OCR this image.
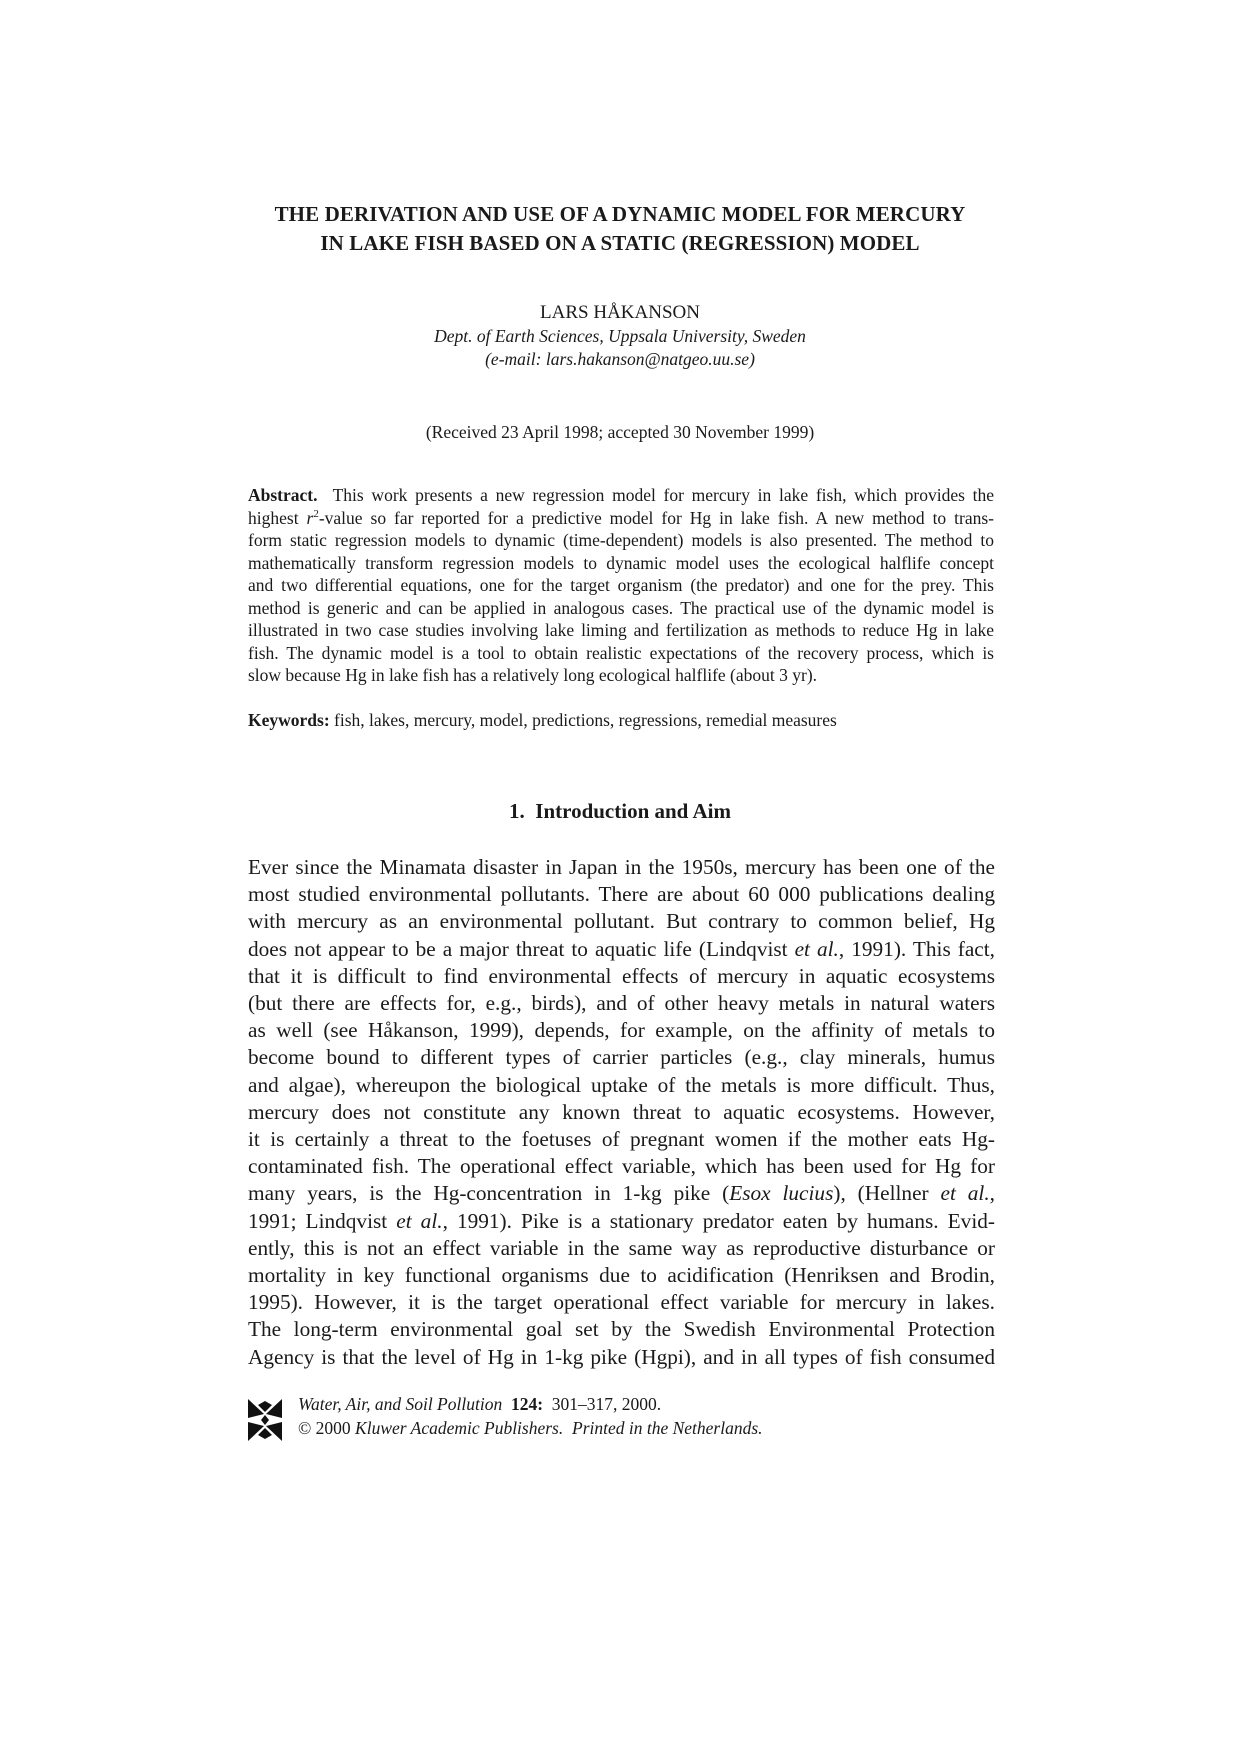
THE DERIVATION AND USE OF A DYNAMIC MODEL FOR MERCURY
IN LAKE FISH BASED ON A STATIC (REGRESSION) MODEL
LARS HÅKANSON
Dept. of Earth Sciences, Uppsala University, Sweden
(e-mail: lars.hakanson@natgeo.uu.se)
(Received 23 April 1998; accepted 30 November 1999)
Abstract. This work presents a new regression model for mercury in lake fish, which provides the
highest $r^2$-value so far reported for a predictive model for Hg in lake fish. A new method to trans-
form static regression models to dynamic (time-dependent) models is also presented. The method to
mathematically transform regression models to dynamic model uses the ecological halflife concept
and two differential equations, one for the target organism (the predator) and one for the prey. This
method is generic and can be applied in analogous cases. The practical use of the dynamic model is
illustrated in two case studies involving lake liming and fertilization as methods to reduce Hg in lake
fish. The dynamic model is a tool to obtain realistic expectations of the recovery process, which is
slow because Hg in lake fish has a relatively long ecological halflife (about 3 yr).
Keywords: fish, lakes, mercury, model, predictions, regressions, remedial measures
1. Introduction and Aim
Ever since the Minamata disaster in Japan in the 1950s, mercury has been one of the
most studied environmental pollutants. There are about 60 000 publications dealing
with mercury as an environmental pollutant. But contrary to common belief, Hg
does not appear to be a major threat to aquatic life (Lindqvist et al., 1991). This fact,
that it is difficult to find environmental effects of mercury in aquatic ecosystems
(but there are effects for, e.g., birds), and of other heavy metals in natural waters
as well (see Håkanson, 1999), depends, for example, on the affinity of metals to
become bound to different types of carrier particles (e.g., clay minerals, humus
and algae), whereupon the biological uptake of the metals is more difficult. Thus,
mercury does not constitute any known threat to aquatic ecosystems. However,
it is certainly a threat to the foetuses of pregnant women if the mother eats Hg-
contaminated fish. The operational effect variable, which has been used for Hg for
many years, is the Hg-concentration in 1-kg pike (Esox lucius), (Hellner et al.,
1991; Lindqvist et al., 1991). Pike is a stationary predator eaten by humans. Evid-
ently, this is not an effect variable in the same way as reproductive disturbance or
mortality in key functional organisms due to acidification (Henriksen and Brodin,
1995). However, it is the target operational effect variable for mercury in lakes.
The long-term environmental goal set by the Swedish Environmental Protection
Agency is that the level of Hg in 1-kg pike (Hgpi), and in all types of fish consumed
Water, Air, and Soil Pollution 124: 301–317, 2000.
© 2000 Kluwer Academic Publishers. Printed in the Netherlands.
